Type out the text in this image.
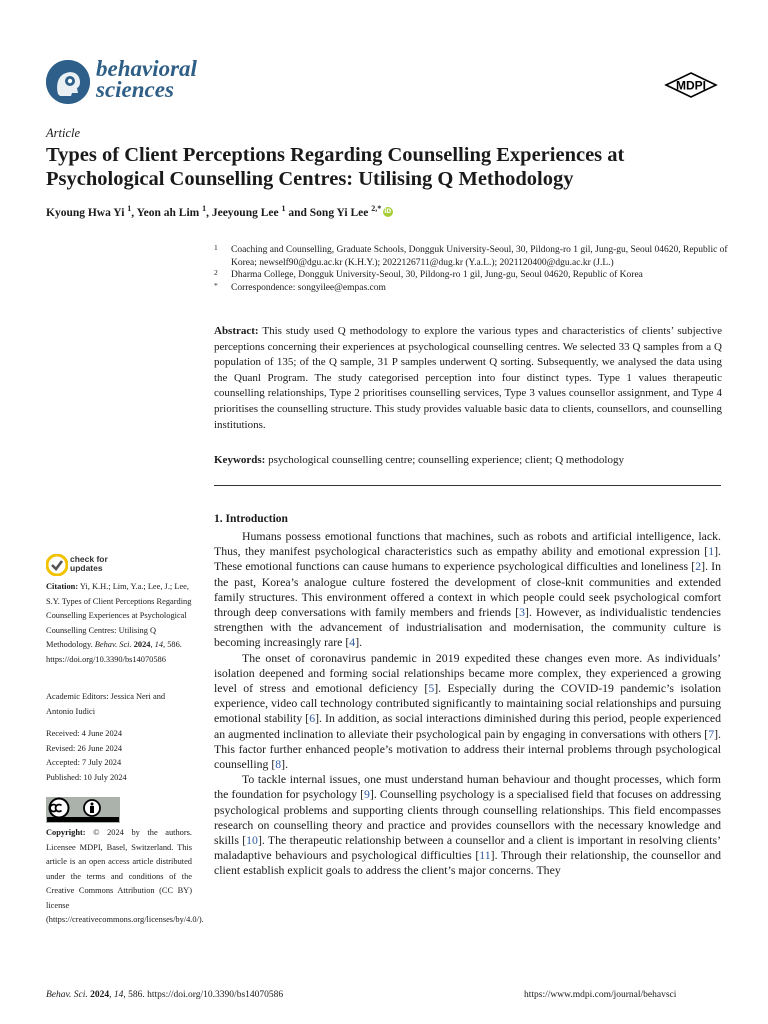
behavioral
sciences	MDPI
Article
Types of Client Perceptions Regarding Counselling Experiences at Psychological Counselling Centres: Utilising Q Methodology
Kyoung Hwa Yi $^1$, Yeon ah Lim $^1$, Jeeyoung Lee $^1$ and Song Yi Lee $^{2,*}$iD
1 Coaching and Counselling, Graduate Schools, Dongguk University-Seoul, 30, Pildong-ro 1 gil, Jung-gu, Seoul 04620, Republic of Korea; newself90@dgu.ac.kr (K.H.Y.); 2022126711@dug.kr (Y.a.L.); 2021120400@dgu.ac.kr (J.L.)
2 Dharma College, Dongguk University-Seoul, 30, Pildong-ro 1 gil, Jung-gu, Seoul 04620, Republic of Korea
* Correspondence: songyilee@empas.com
Abstract: This study used Q methodology to explore the various types and characteristics of clients’ subjective perceptions concerning their experiences at psychological counselling centres. We selected 33 Q samples from a Q population of 135; of the Q sample, 31 P samples underwent Q sorting. Subsequently, we analysed the data using the Quanl Program. The study categorised perception into four distinct types. Type 1 values therapeutic counselling relationships, Type 2 prioritises counselling services, Type 3 values counsellor assignment, and Type 4 prioritises the counselling structure. This study provides valuable basic data to clients, counsellors, and counselling institutions.
Keywords: psychological counselling centre; counselling experience; client; Q methodology
1. Introduction

Humans possess emotional functions that machines, such as robots and artificial intelligence, lack. Thus, they manifest psychological characteristics such as empathy ability and emotional expression [1]. These emotional functions can cause humans to experience psychological difficulties and loneliness [2]. In the past, Korea’s analogue culture fostered the development of close-knit communities and extended family structures. This environment offered a context in which people could seek psychological comfort through deep conversations with family members and friends [3]. However, as individualistic tendencies strengthen with the advancement of industrialisation and modernisation, the community culture is becoming increasingly rare [4].

The onset of coronavirus pandemic in 2019 expedited these changes even more. As individuals’ isolation deepened and forming social relationships became more complex, they experienced a growing level of stress and emotional deficiency [5]. Especially during the COVID-19 pandemic’s isolation experience, video call technology contributed significantly to maintaining social relationships and pursuing emotional stability [6]. In addition, as social interactions diminished during this period, people experienced an augmented inclination to alleviate their psychological pain by engaging in conversations with others [7]. This factor further enhanced people’s motivation to address their internal problems through psychological counselling [8].

To tackle internal issues, one must understand human behaviour and thought processes, which form the foundation for psychology [9]. Counselling psychology is a specialised field that focuses on addressing psychological problems and supporting clients through counselling relationships. This field encompasses research on counselling theory and practice and provides counsellors with the necessary knowledge and skills [10]. The therapeutic relationship between a counsellor and a client is important in resolving clients’ maladaptive behaviours and psychological difficulties [11]. Through their relationship, the counsellor and client establish explicit goals to address the client’s major concerns. They

check for
updates
Citation: Yi, K.H.; Lim, Y.a.; Lee, J.; Lee, S.Y. Types of Client Perceptions Regarding Counselling Experiences at Psychological Counselling Centres: Utilising Q Methodology. Behav. Sci. 2024, 14, 586. https://doi.org/10.3390/bs14070586
Academic Editors: Jessica Neri and Antonio Iudici
Received: 4 June 2024
Revised: 26 June 2024
Accepted: 7 July 2024
Published: 10 July 2024
Copyright: © 2024 by the authors. Licensee MDPI, Basel, Switzerland. This article is an open access article distributed under the terms and conditions of the Creative Commons Attribution (CC BY) license (https://creativecommons.org/licenses/by/4.0/).
Behav. Sci. 2024, 14, 586. https://doi.org/10.3390/bs14070586	https://www.mdpi.com/journal/behavsci
